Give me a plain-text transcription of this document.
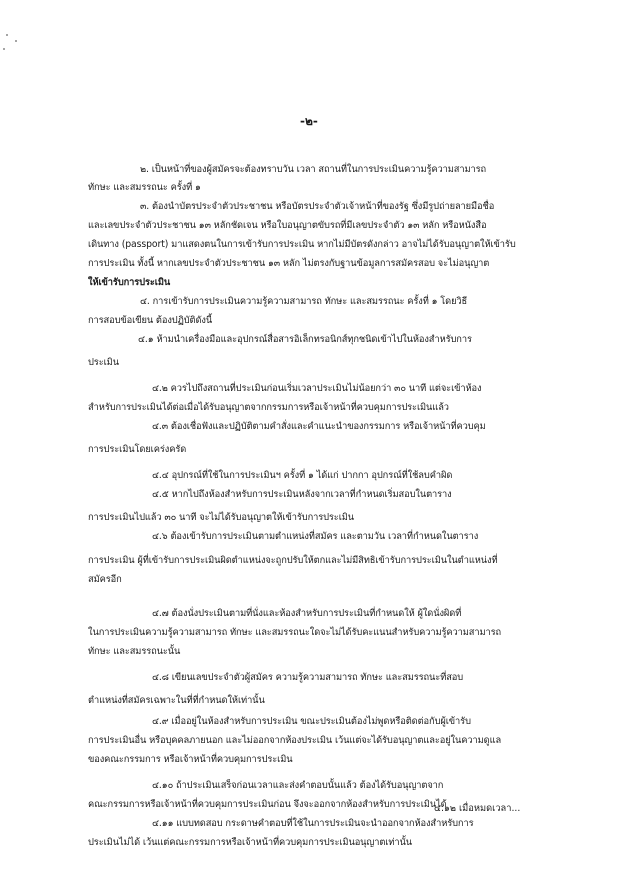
-๒-
๒. เป็นหน้าที่ของผู้สมัครจะต้องทราบวัน เวลา สถานที่ในการประเมินความรู้ความสามารถ
ทักษะ และสมรรถนะ ครั้งที่ ๑
๓. ต้องนำบัตรประจำตัวประชาชน หรือบัตรประจำตัวเจ้าหน้าที่ของรัฐ ซึ่งมีรูปถ่ายลายมือชื่อ
และเลขประจำตัวประชาชน ๑๓ หลักชัดเจน หรือใบอนุญาตขับรถที่มีเลขประจำตัว ๑๓ หลัก หรือหนังสือ
เดินทาง (passport) มาแสดงตนในการเข้ารับการประเมิน หากไม่มีบัตรดังกล่าว อาจไม่ได้รับอนุญาตให้เข้ารับ
การประเมิน ทั้งนี้ หากเลขประจำตัวประชาชน ๑๓ หลัก ไม่ตรงกับฐานข้อมูลการสมัครสอบ จะไม่อนุญาต
ให้เข้ารับการประเมิน
๔. การเข้ารับการประเมินความรู้ความสามารถ ทักษะ และสมรรถนะ ครั้งที่ ๑ โดยวิธี
การสอบข้อเขียน ต้องปฏิบัติดังนี้
๔.๑ ห้ามนำเครื่องมือและอุปกรณ์สื่อสารอิเล็กทรอนิกส์ทุกชนิดเข้าไปในห้องสำหรับการ
ประเมิน
๔.๒ ควรไปถึงสถานที่ประเมินก่อนเริ่มเวลาประเมินไม่น้อยกว่า ๓๐ นาที แต่จะเข้าห้อง
สำหรับการประเมินได้ต่อเมื่อได้รับอนุญาตจากกรรมการหรือเจ้าหน้าที่ควบคุมการประเมินแล้ว
๔.๓ ต้องเชื่อฟังและปฏิบัติตามคำสั่งและคำแนะนำของกรรมการ หรือเจ้าหน้าที่ควบคุม
การประเมินโดยเคร่งครัด
๔.๔ อุปกรณ์ที่ใช้ในการประเมินฯ ครั้งที่ ๑ ได้แก่ ปากกา อุปกรณ์ที่ใช้ลบคำผิด
๔.๕ หากไปถึงห้องสำหรับการประเมินหลังจากเวลาที่กำหนดเริ่มสอบในตาราง
การประเมินไปแล้ว ๓๐ นาที จะไม่ได้รับอนุญาตให้เข้ารับการประเมิน
๔.๖ ต้องเข้ารับการประเมินตามตำแหน่งที่สมัคร และตามวัน เวลาที่กำหนดในตาราง
การประเมิน ผู้ที่เข้ารับการประเมินผิดตำแหน่งจะถูกปรับให้ตกและไม่มีสิทธิเข้ารับการประเมินในตำแหน่งที่
สมัครอีก
๔.๗ ต้องนั่งประเมินตามที่นั่งและห้องสำหรับการประเมินที่กำหนดให้ ผู้ใดนั่งผิดที่
ในการประเมินความรู้ความสามารถ ทักษะ และสมรรถนะใดจะไม่ได้รับคะแนนสำหรับความรู้ความสามารถ
ทักษะ และสมรรถนะนั้น
๔.๘ เขียนเลขประจำตัวผู้สมัคร ความรู้ความสามารถ ทักษะ และสมรรถนะที่สอบ
ตำแหน่งที่สมัครเฉพาะในที่ที่กำหนดให้เท่านั้น
๔.๙ เมื่ออยู่ในห้องสำหรับการประเมิน ขณะประเมินต้องไม่พูดหรือติดต่อกับผู้เข้ารับ
การประเมินอื่น หรือบุคคลภายนอก และไม่ออกจากห้องประเมิน เว้นแต่จะได้รับอนุญาตและอยู่ในความดูแล
ของคณะกรรมการ หรือเจ้าหน้าที่ควบคุมการประเมิน
๔.๑๐ ถ้าประเมินเสร็จก่อนเวลาและส่งคำตอบนั้นแล้ว ต้องได้รับอนุญาตจาก
คณะกรรมการหรือเจ้าหน้าที่ควบคุมการประเมินก่อน จึงจะออกจากห้องสำหรับการประเมินได้
๔.๑๑ แบบทดสอบ กระดาษคำตอบที่ใช้ในการประเมินจะนำออกจากห้องสำหรับการ
ประเมินไม่ได้ เว้นแต่คณะกรรมการหรือเจ้าหน้าที่ควบคุมการประเมินอนุญาตเท่านั้น
๔.๑๒ เมื่อหมดเวลา...
